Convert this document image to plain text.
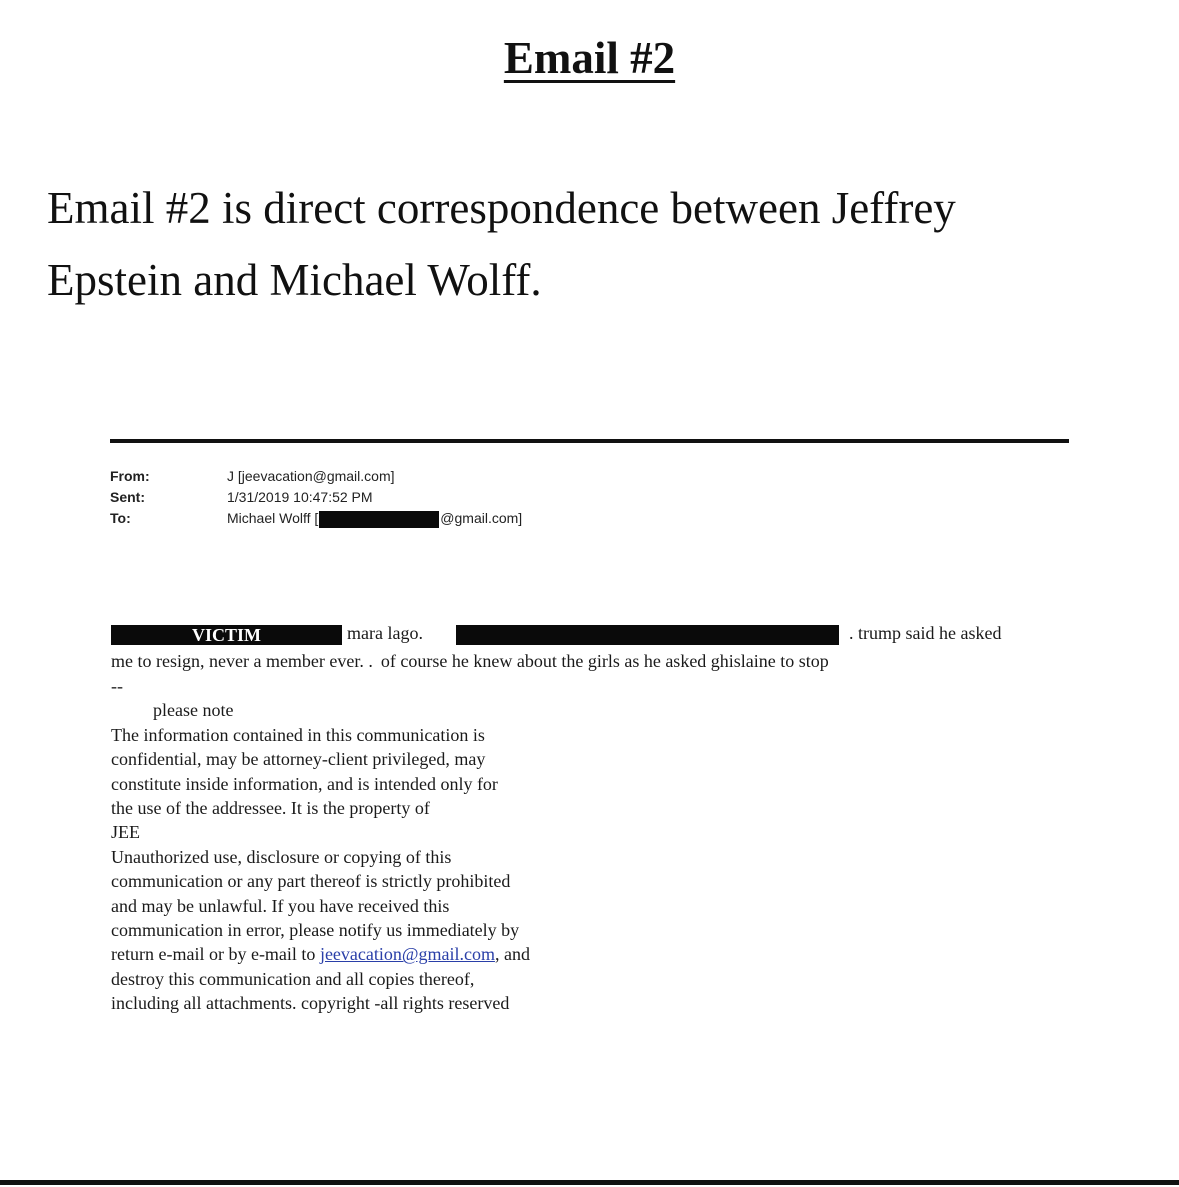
Email #2
Email #2 is direct correspondence between Jeffrey
Epstein and Michael Wolff.
From:	J [jeevacation@gmail.com]
Sent:	1/31/2019 10:47:52 PM
To:	Michael Wolff [	@gmail.com]
VICTIM	mara lago.	. trump said he asked
me to resign, never a member ever. . of course he knew about the girls as he asked ghislaine to stop
--
please note
The information contained in this communication is
confidential, may be attorney-client privileged, may
constitute inside information, and is intended only for
the use of the addressee. It is the property of
JEE
Unauthorized use, disclosure or copying of this
communication or any part thereof is strictly prohibited
and may be unlawful. If you have received this
communication in error, please notify us immediately by
return e-mail or by e-mail to jeevacation@gmail.com, and
destroy this communication and all copies thereof,
including all attachments. copyright -all rights reserved
